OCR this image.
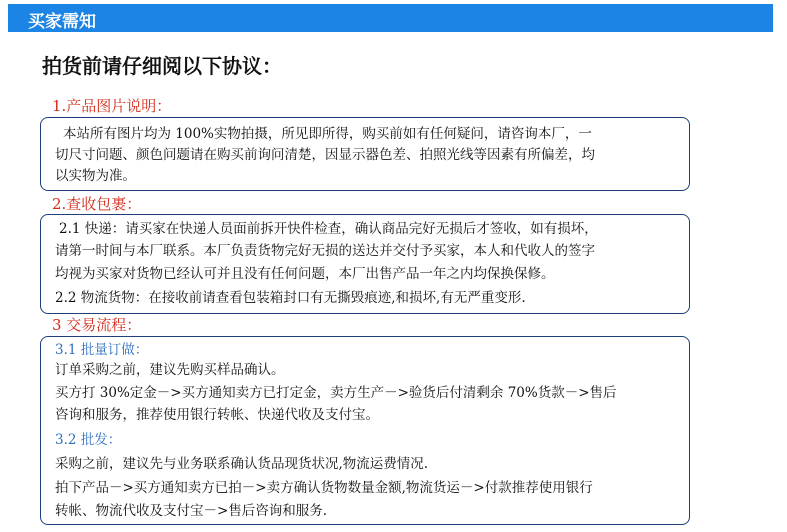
买家需知
拍货前请仔细阅以下协议：
1.产品图片说明：
本站所有图片均为 100%实物拍摄，所见即所得，购买前如有任何疑问，请咨询本厂，一
切尺寸问题、颜色问题请在购买前询问清楚，因显示器色差、拍照光线等因素有所偏差，均
以实物为准。
2.查收包裹：
2.1 快递：请买家在快递人员面前拆开快件检查，确认商品完好无损后才签收，如有损坏，
请第一时间与本厂联系。本厂负责货物完好无损的送达并交付予买家，本人和代收人的签字
均视为买家对货物已经认可并且没有任何问题，本厂出售产品一年之内均保换保修。
2.2 物流货物：在接收前请查看包装箱封口有无撕毁痕迹,和损坏,有无严重变形.
3 交易流程：
3.1 批量订做：
订单采购之前，建议先购买样品确认。
买方打 30%定金－>买方通知卖方已打定金，卖方生产－>验货后付清剩余 70%货款－>售后
咨询和服务，推荐使用银行转帐、快递代收及支付宝。
3.2 批发：
采购之前，建议先与业务联系确认货品现货状况,物流运费情况.
拍下产品－>买方通知卖方已拍－>卖方确认货物数量金额,物流货运－>付款推荐使用银行
转帐、物流代收及支付宝－>售后咨询和服务.
